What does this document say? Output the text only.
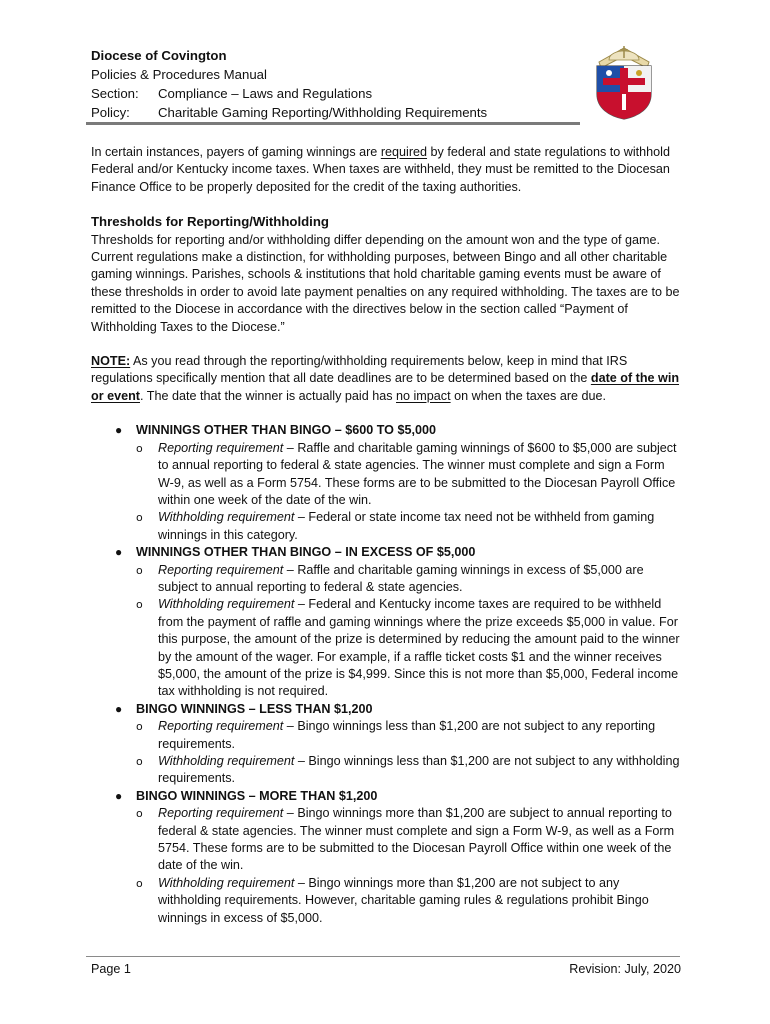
Diocese of Covington
Policies & Procedures Manual
Section:	Compliance – Laws and Regulations
Policy:	Charitable Gaming Reporting/Withholding Requirements

In certain instances, payers of gaming winnings are required by federal and state regulations to withhold Federal and/or Kentucky income taxes. When taxes are withheld, they must be remitted to the Diocesan Finance Office to be properly deposited for the credit of the taxing authorities.

Thresholds for Reporting/Withholding

Thresholds for reporting and/or withholding differ depending on the amount won and the type of game. Current regulations make a distinction, for withholding purposes, between Bingo and all other charitable gaming winnings. Parishes, schools & institutions that hold charitable gaming events must be aware of these thresholds in order to avoid late payment penalties on any required withholding. The taxes are to be remitted to the Diocese in accordance with the directives below in the section called “Payment of Withholding Taxes to the Diocese.”

NOTE: As you read through the reporting/withholding requirements below, keep in mind that IRS regulations specifically mention that all date deadlines are to be determined based on the date of the win or event. The date that the winner is actually paid has no impact on when the taxes are due.

● WINNINGS OTHER THAN BINGO – $600 TO $5,000
o Reporting requirement – Raffle and charitable gaming winnings of $600 to $5,000 are subject to annual reporting to federal & state agencies. The winner must complete and sign a Form W-9, as well as a Form 5754. These forms are to be submitted to the Diocesan Payroll Office within one week of the date of the win.
o Withholding requirement – Federal or state income tax need not be withheld from gaming winnings in this category.
● WINNINGS OTHER THAN BINGO – IN EXCESS OF $5,000
o Reporting requirement – Raffle and charitable gaming winnings in excess of $5,000 are subject to annual reporting to federal & state agencies.
o Withholding requirement – Federal and Kentucky income taxes are required to be withheld from the payment of raffle and gaming winnings where the prize exceeds $5,000 in value. For this purpose, the amount of the prize is determined by reducing the amount paid to the winner by the amount of the wager. For example, if a raffle ticket costs $1 and the winner receives $5,000, the amount of the prize is $4,999. Since this is not more than $5,000, Federal income tax withholding is not required.
● BINGO WINNINGS – LESS THAN $1,200
o Reporting requirement – Bingo winnings less than $1,200 are not subject to any reporting requirements.
o Withholding requirement – Bingo winnings less than $1,200 are not subject to any withholding requirements.
● BINGO WINNINGS – MORE THAN $1,200
o Reporting requirement – Bingo winnings more than $1,200 are subject to annual reporting to federal & state agencies. The winner must complete and sign a Form W-9, as well as a Form 5754. These forms are to be submitted to the Diocesan Payroll Office within one week of the date of the win.
o Withholding requirement – Bingo winnings more than $1,200 are not subject to any withholding requirements. However, charitable gaming rules & regulations prohibit Bingo winnings in excess of $5,000.
Page 1	Revision: July, 2020
